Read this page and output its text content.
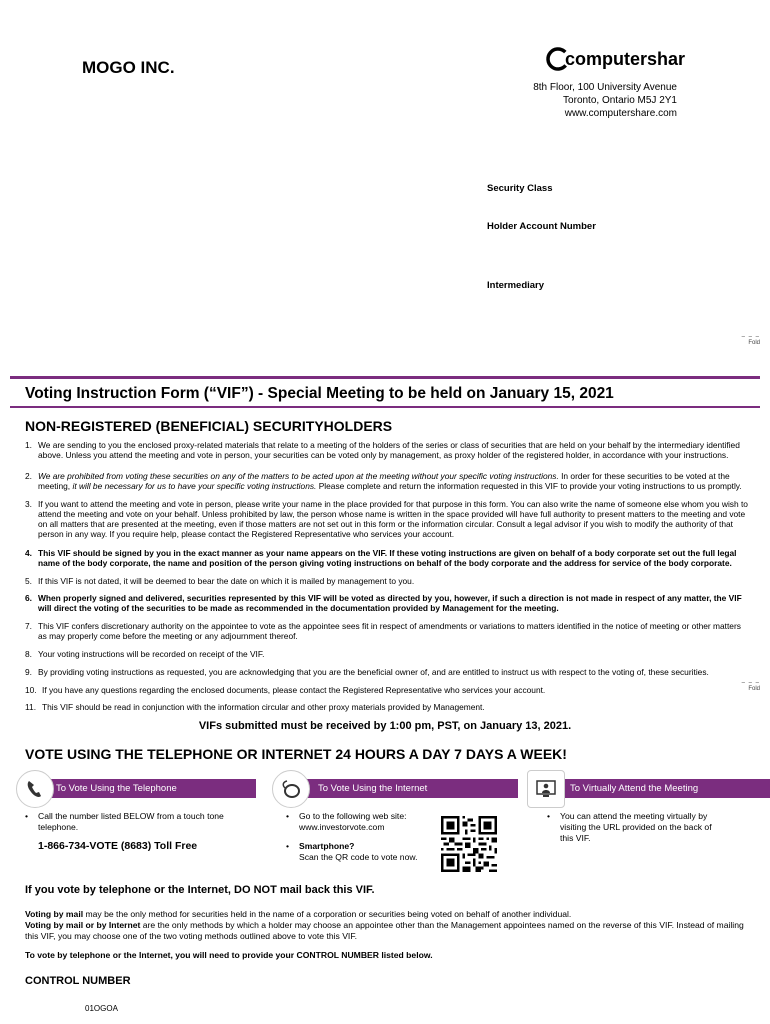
MOGO INC.	computershare
8th Floor, 100 University Avenue
Toronto, Ontario M5J 2Y1
www.computershare.com
Security Class
Holder Account Number
Intermediary
– – –
Fold
– – –
Fold
Voting Instruction Form (“VIF”) - Special Meeting to be held on January 15, 2021
NON-REGISTERED (BENEFICIAL) SECURITYHOLDERS
1. We are sending to you the enclosed proxy-related materials that relate to a meeting of the holders of the series or class of securities that are held on your behalf by the intermediary identified above. Unless you attend the meeting and vote in person, your securities can be voted only by management, as proxy holder of the registered holder, in accordance with your instructions.
2. We are prohibited from voting these securities on any of the matters to be acted upon at the meeting without your specific voting instructions. In order for these securities to be voted at the meeting, it will be necessary for us to have your specific voting instructions. Please complete and return the information requested in this VIF to provide your voting instructions to us promptly.
3. If you want to attend the meeting and vote in person, please write your name in the place provided for that purpose in this form. You can also write the name of someone else whom you wish to attend the meeting and vote on your behalf. Unless prohibited by law, the person whose name is written in the space provided will have full authority to present matters to the meeting and vote on all matters that are presented at the meeting, even if those matters are not set out in this form or the information circular. Consult a legal advisor if you wish to modify the authority of that person in any way. If you require help, please contact the Registered Representative who services your account.
4. This VIF should be signed by you in the exact manner as your name appears on the VIF. If these voting instructions are given on behalf of a body corporate set out the full legal name of the body corporate, the name and position of the person giving voting instructions on behalf of the body corporate and the address for service of the body corporate.
5. If this VIF is not dated, it will be deemed to bear the date on which it is mailed by management to you.
6. When properly signed and delivered, securities represented by this VIF will be voted as directed by you, however, if such a direction is not made in respect of any matter, the VIF will direct the voting of the securities to be made as recommended in the documentation provided by Management for the meeting.
7. This VIF confers discretionary authority on the appointee to vote as the appointee sees fit in respect of amendments or variations to matters identified in the notice of meeting or other matters as may properly come before the meeting or any adjournment thereof.
8. Your voting instructions will be recorded on receipt of the VIF.
9. By providing voting instructions as requested, you are acknowledging that you are the beneficial owner of, and are entitled to instruct us with respect to the voting of, these securities.
10. If you have any questions regarding the enclosed documents, please contact the Registered Representative who services your account.
11. This VIF should be read in conjunction with the information circular and other proxy materials provided by Management.
VIFs submitted must be received by 1:00 pm, PST, on January 13, 2021.
VOTE USING THE TELEPHONE OR INTERNET 24 HOURS A DAY 7 DAYS A WEEK!
To Vote Using the Telephone
• Call the number listed BELOW from a touch tone telephone.
1-866-734-VOTE (8683) Toll Free
To Vote Using the Internet
• Go to the following web site: www.investorvote.com
• Smartphone?
Scan the QR code to vote now.
To Virtually Attend the Meeting
• You can attend the meeting virtually by visiting the URL provided on the back of this VIF.
If you vote by telephone or the Internet, DO NOT mail back this VIF.
Voting by mail may be the only method for securities held in the name of a corporation or securities being voted on behalf of another individual.
Voting by mail or by Internet are the only methods by which a holder may choose an appointee other than the Management appointees named on the reverse of this VIF. Instead of mailing this VIF, you may choose one of the two voting methods outlined above to vote this VIF.
To vote by telephone or the Internet, you will need to provide your CONTROL NUMBER listed below.
CONTROL NUMBER
01OGOA
